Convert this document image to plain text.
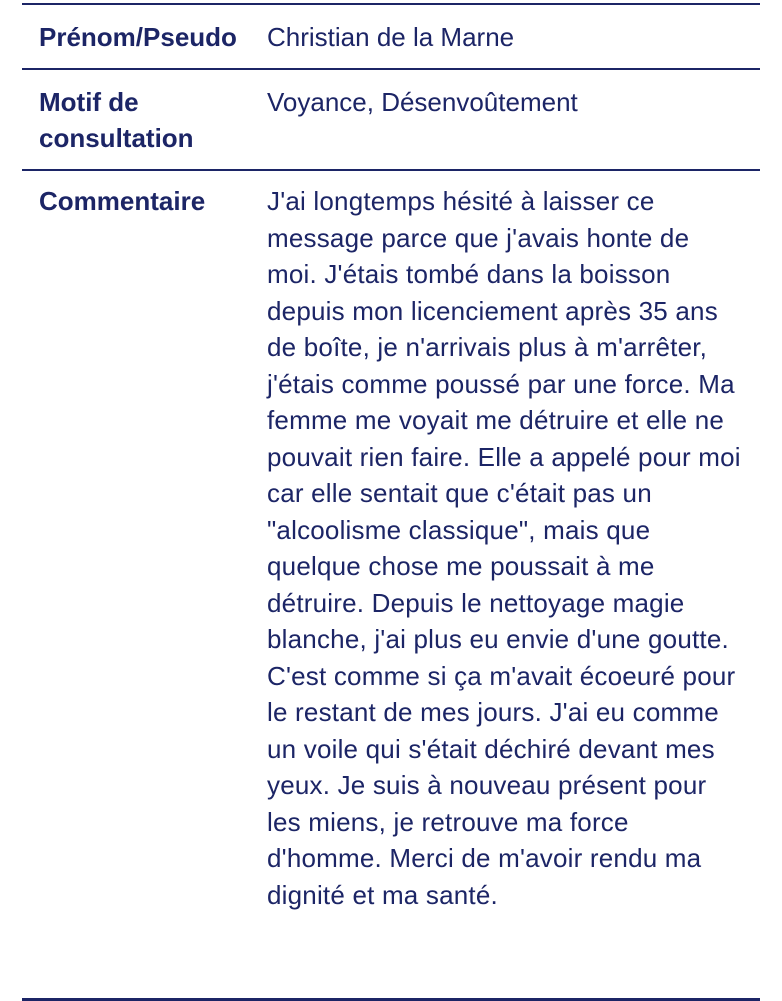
Prénom/Pseudo	Christian de la Marne
Motif de consultation
Voyance, Désenvoûtement
Commentaire	J'ai longtemps hésité à laisser ce message parce que j'avais honte de moi. J'étais tombé dans la boisson depuis mon licenciement après 35 ans de boîte, je n'arrivais plus à m'arrêter, j'étais comme poussé par une force. Ma femme me voyait me détruire et elle ne pouvait rien faire. Elle a appelé pour moi car elle sentait que c'était pas un "alcoolisme classique", mais que quelque chose me poussait à me détruire. Depuis le nettoyage magie blanche, j'ai plus eu envie d'une goutte. C'est comme si ça m'avait écoeuré pour le restant de mes jours. J'ai eu comme un voile qui s'était déchiré devant mes yeux. Je suis à nouveau présent pour les miens, je retrouve ma force d'homme. Merci de m'avoir rendu ma dignité et ma santé.
